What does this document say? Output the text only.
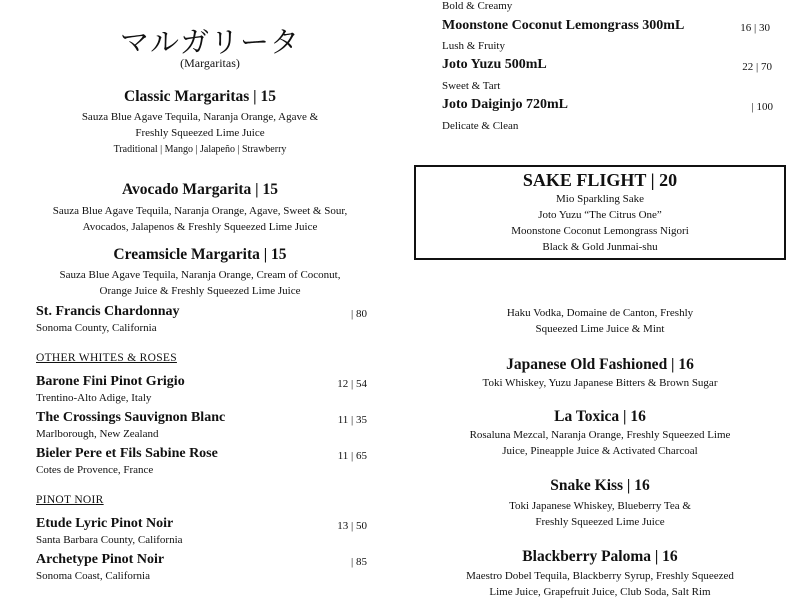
マルガリータ
(Margaritas)
Classic Margaritas | 15
Sauza Blue Agave Tequila, Naranja Orange, Agave &
Freshly Squeezed Lime Juice
Traditional | Mango | Jalapeño | Strawberry
Avocado Margarita | 15
Sauza Blue Agave Tequila, Naranja Orange, Agave, Sweet & Sour,
Avocados, Jalapenos & Freshly Squeezed Lime Juice
Creamsicle Margarita | 15
Sauza Blue Agave Tequila, Naranja Orange, Cream of Coconut,
Orange Juice & Freshly Squeezed Lime Juice
St. Francis Chardonnay
Sonoma County, California
| 80
OTHER WHITES & ROSES
Barone Fini Pinot Grigio
Trentino-Alto Adige, Italy
12 | 54
The Crossings Sauvignon Blanc
Marlborough, New Zealand
11 | 35
Bieler Pere et Fils Sabine Rose
Cotes de Provence, France
11 | 65
PINOT NOIR
Etude Lyric Pinot Noir
Santa Barbara County, California
13 | 50
Archetype Pinot Noir
Sonoma Coast, California
| 85
Bold & Creamy
Moonstone Coconut Lemongrass 300mL
Lush & Fruity
16 | 30
Joto Yuzu 500mL
Sweet & Tart
22 | 70
Joto Daiginjo 720mL
Delicate & Clean
| 100
SAKE FLIGHT | 20
Mio Sparkling Sake
Joto Yuzu “The Citrus One”
Moonstone Coconut Lemongrass Nigori
Black & Gold Junmai-shu
Haku Vodka, Domaine de Canton, Freshly
Squeezed Lime Juice & Mint
Japanese Old Fashioned | 16
Toki Whiskey, Yuzu Japanese Bitters & Brown Sugar
La Toxica | 16
Rosaluna Mezcal, Naranja Orange, Freshly Squeezed Lime
Juice, Pineapple Juice & Activated Charcoal
Snake Kiss | 16
Toki Japanese Whiskey, Blueberry Tea &
Freshly Squeezed Lime Juice
Blackberry Paloma | 16
Maestro Dobel Tequila, Blackberry Syrup, Freshly Squeezed
Lime Juice, Grapefruit Juice, Club Soda, Salt Rim
